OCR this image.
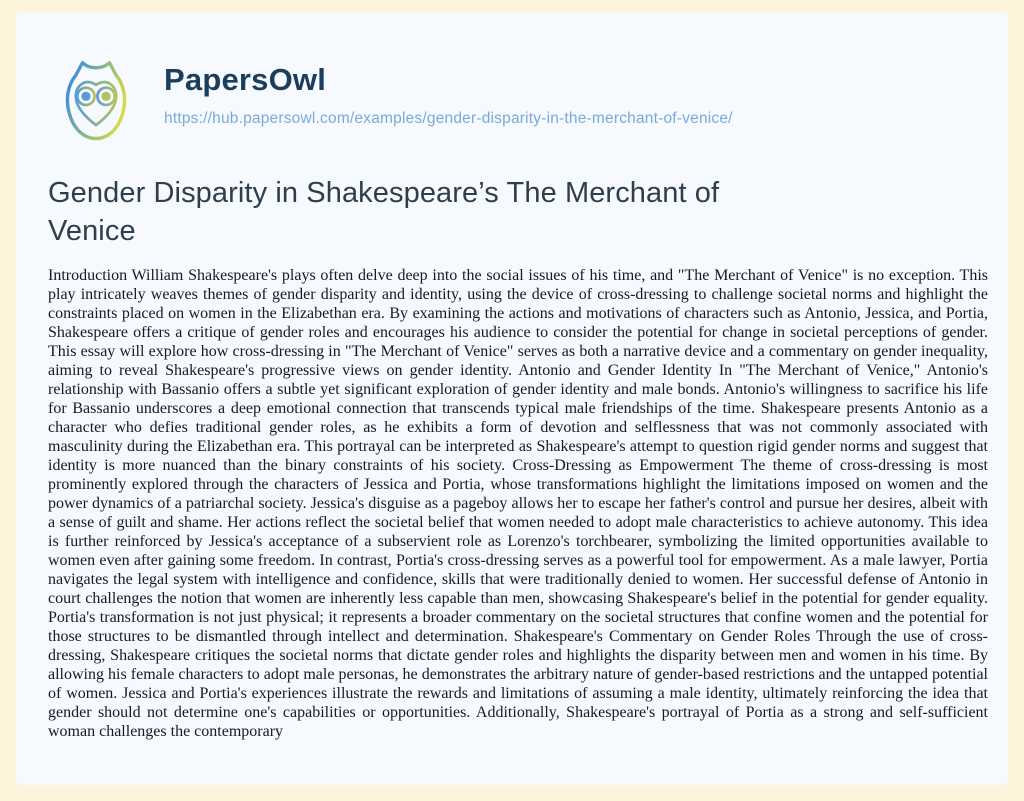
PapersOwl
https://hub.papersowl.com/examples/gender-disparity-in-the-merchant-of-venice/
Gender Disparity in Shakespeare’s The Merchant of Venice

Introduction William Shakespeare's plays often delve deep into the social issues of his time, and "The Merchant of Venice" is no exception. This play intricately weaves themes of gender disparity and identity, using the device of cross-dressing to challenge societal norms and highlight the constraints placed on women in the Elizabethan era. By examining the actions and motivations of characters such as Antonio, Jessica, and Portia, Shakespeare offers a critique of gender roles and encourages his audience to consider the potential for change in societal perceptions of gender. This essay will explore how cross-dressing in "The Merchant of Venice" serves as both a narrative device and a commentary on gender inequality, aiming to reveal Shakespeare's progressive views on gender identity. Antonio and Gender Identity In "The Merchant of Venice," Antonio's relationship with Bassanio offers a subtle yet significant exploration of gender identity and male bonds. Antonio's willingness to sacrifice his life for Bassanio underscores a deep emotional connection that transcends typical male friendships of the time. Shakespeare presents Antonio as a character who defies traditional gender roles, as he exhibits a form of devotion and selflessness that was not commonly associated with masculinity during the Elizabethan era. This portrayal can be interpreted as Shakespeare's attempt to question rigid gender norms and suggest that identity is more nuanced than the binary constraints of his society. Cross-Dressing as Empowerment The theme of cross-dressing is most prominently explored through the characters of Jessica and Portia, whose transformations highlight the limitations imposed on women and the power dynamics of a patriarchal society. Jessica's disguise as a pageboy allows her to escape her father's control and pursue her desires, albeit with a sense of guilt and shame. Her actions reflect the societal belief that women needed to adopt male characteristics to achieve autonomy. This idea is further reinforced by Jessica's acceptance of a subservient role as Lorenzo's torchbearer, symbolizing the limited opportunities available to women even after gaining some freedom. In contrast, Portia's cross-dressing serves as a powerful tool for empowerment. As a male lawyer, Portia navigates the legal system with intelligence and confidence, skills that were traditionally denied to women. Her successful defense of Antonio in court challenges the notion that women are inherently less capable than men, showcasing Shakespeare's belief in the potential for gender equality. Portia's transformation is not just physical; it represents a broader commentary on the societal structures that confine women and the potential for those structures to be dismantled through intellect and determination. Shakespeare's Commentary on Gender Roles Through the use of cross-dressing, Shakespeare critiques the societal norms that dictate gender roles and highlights the disparity between men and women in his time. By allowing his female characters to adopt male personas, he demonstrates the arbitrary nature of gender-based restrictions and the untapped potential of women. Jessica and Portia's experiences illustrate the rewards and limitations of assuming a male identity, ultimately reinforcing the idea that gender should not determine one's capabilities or opportunities. Additionally, Shakespeare's portrayal of Portia as a strong and self-sufficient woman challenges the contemporary
